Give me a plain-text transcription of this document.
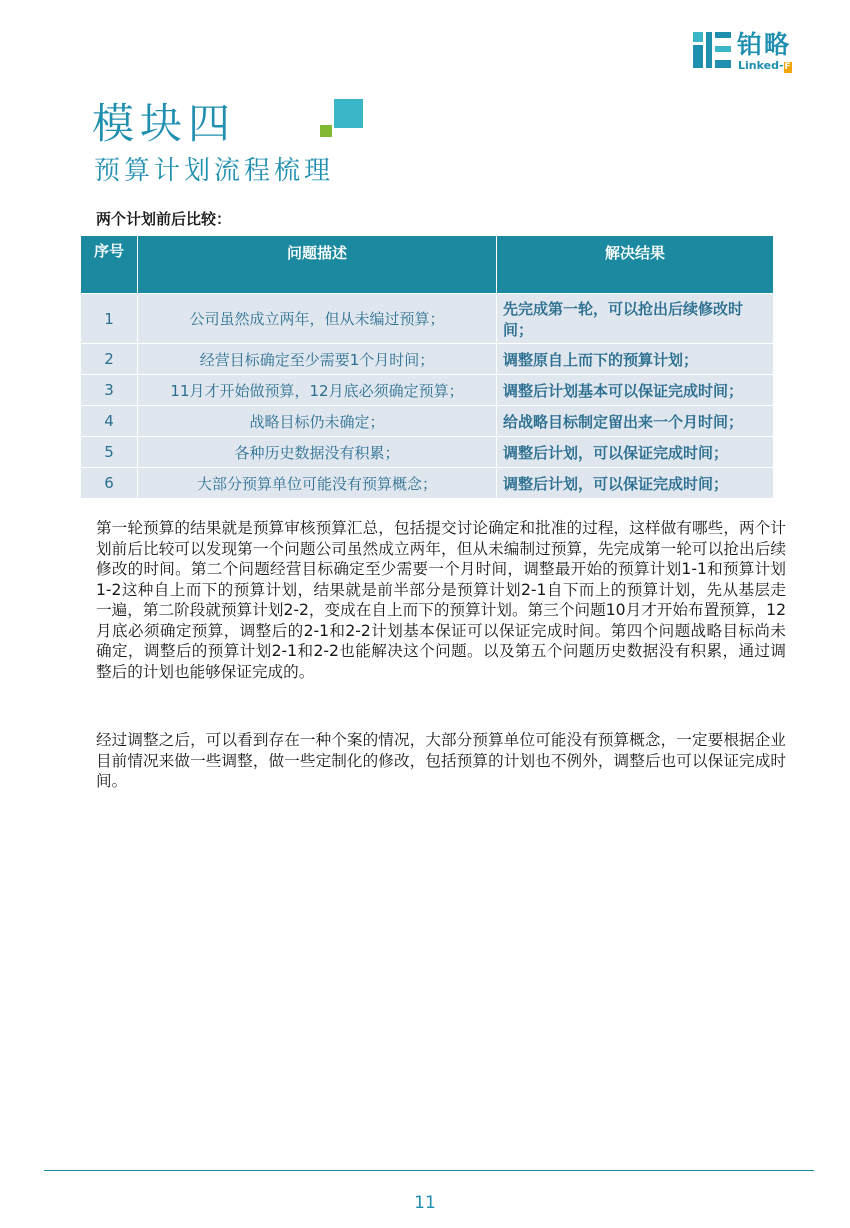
铂略
Linked-F
模块四
预算计划流程梳理
两个计划前后比较：
序号	问题描述	解决结果
1	公司虽然成立两年，但从未编过预算；	先完成第一轮，可以抢出后续修改时间；
2	经营目标确定至少需要1个月时间；	调整原自上而下的预算计划；
3	11月才开始做预算，12月底必须确定预算；	调整后计划基本可以保证完成时间；
4	战略目标仍未确定；	给战略目标制定留出来一个月时间；
5	各种历史数据没有积累；	调整后计划，可以保证完成时间；
6	大部分预算单位可能没有预算概念；	调整后计划，可以保证完成时间；
第一轮预算的结果就是预算审核预算汇总，包括提交讨论确定和批准的过程，这样做有哪些，两个计划前后比较可以发现第一个问题公司虽然成立两年，但从未编制过预算，先完成第一轮可以抢出后续修改的时间。第二个问题经营目标确定至少需要一个月时间，调整最开始的预算计划1-1和预算计划1-2这种自上而下的预算计划，结果就是前半部分是预算计划2-1自下而上的预算计划，先从基层走一遍，第二阶段就预算计划2-2，变成在自上而下的预算计划。第三个问题10月才开始布置预算，12月底必须确定预算，调整后的2-1和2-2计划基本保证可以保证完成时间。第四个问题战略目标尚未确定，调整后的预算计划2-1和2-2也能解决这个问题。以及第五个问题历史数据没有积累，通过调整后的计划也能够保证完成的。
经过调整之后，可以看到存在一种个案的情况，大部分预算单位可能没有预算概念，一定要根据企业目前情况来做一些调整，做一些定制化的修改，包括预算的计划也不例外，调整后也可以保证完成时间。
11
